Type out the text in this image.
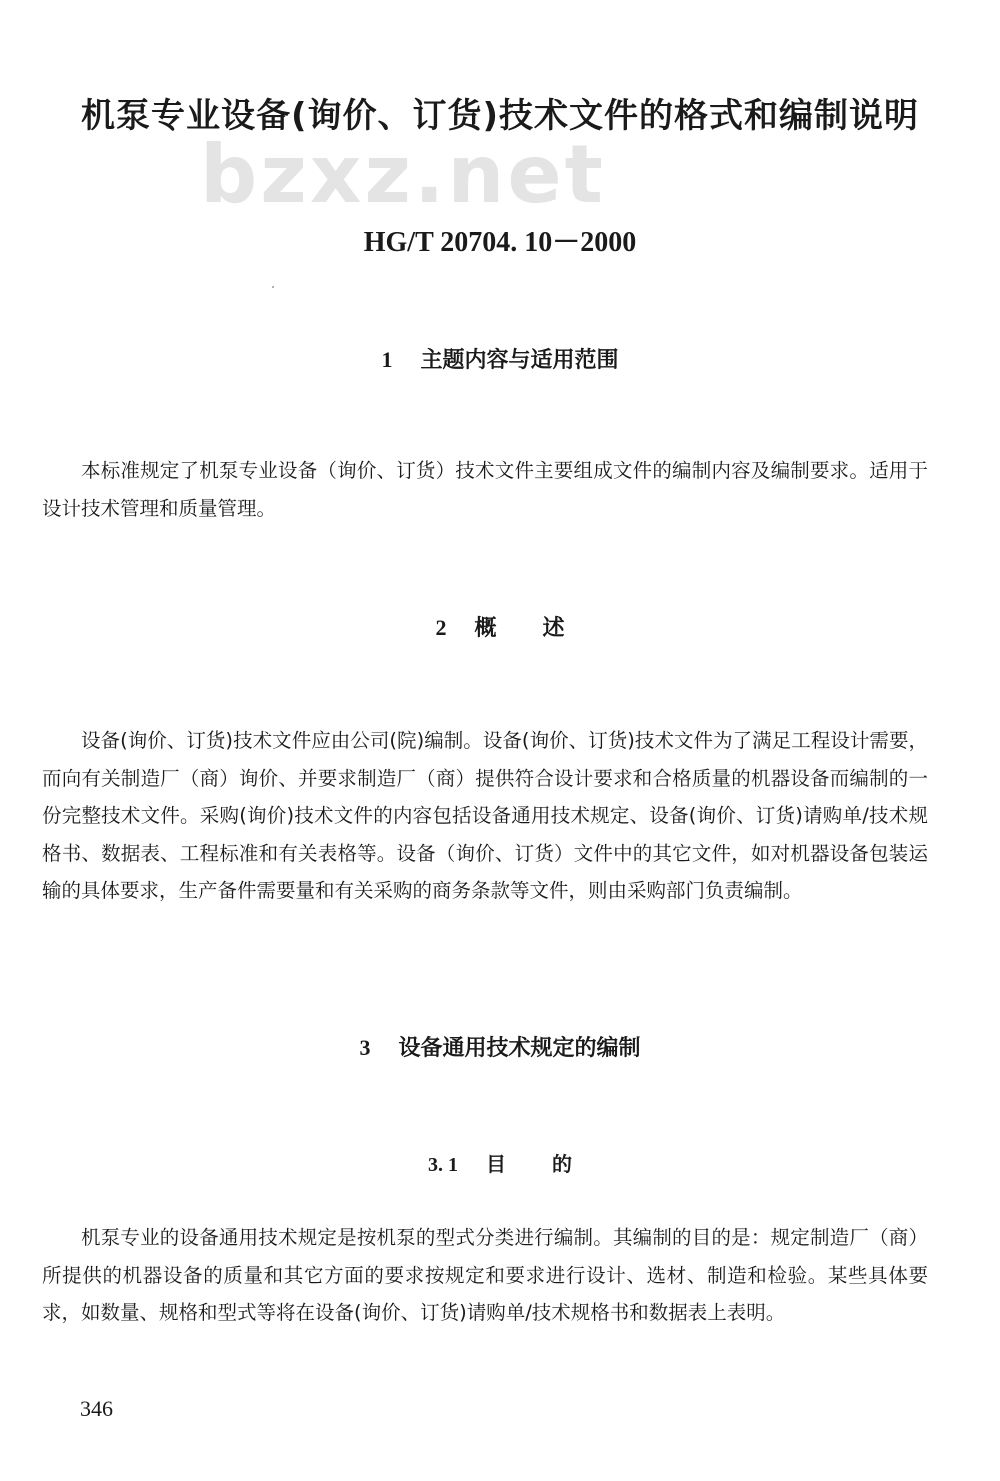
bzxz.net
机泵专业设备(询价、订货)技术文件的格式和编制说明
HG/T 20704. 10－2000
1 主题内容与适用范围

本标准规定了机泵专业设备（询价、订货）技术文件主要组成文件的编制内容及编制要求。适用于设计技术管理和质量管理。

2 概述

设备(询价、订货)技术文件应由公司(院)编制。设备(询价、订货)技术文件为了满足工程设计需要，而向有关制造厂（商）询价、并要求制造厂（商）提供符合设计要求和合格质量的机器设备而编制的一份完整技术文件。采购(询价)技术文件的内容包括设备通用技术规定、设备(询价、订货)请购单/技术规格书、数据表、工程标准和有关表格等。设备（询价、订货）文件中的其它文件，如对机器设备包装运输的具体要求，生产备件需要量和有关采购的商务条款等文件，则由采购部门负责编制。

3 设备通用技术规定的编制
3. 1 目的

机泵专业的设备通用技术规定是按机泵的型式分类进行编制。其编制的目的是：规定制造厂（商）所提供的机器设备的质量和其它方面的要求按规定和要求进行设计、选材、制造和检验。某些具体要求，如数量、规格和型式等将在设备(询价、订货)请购单/技术规格书和数据表上表明。

346
